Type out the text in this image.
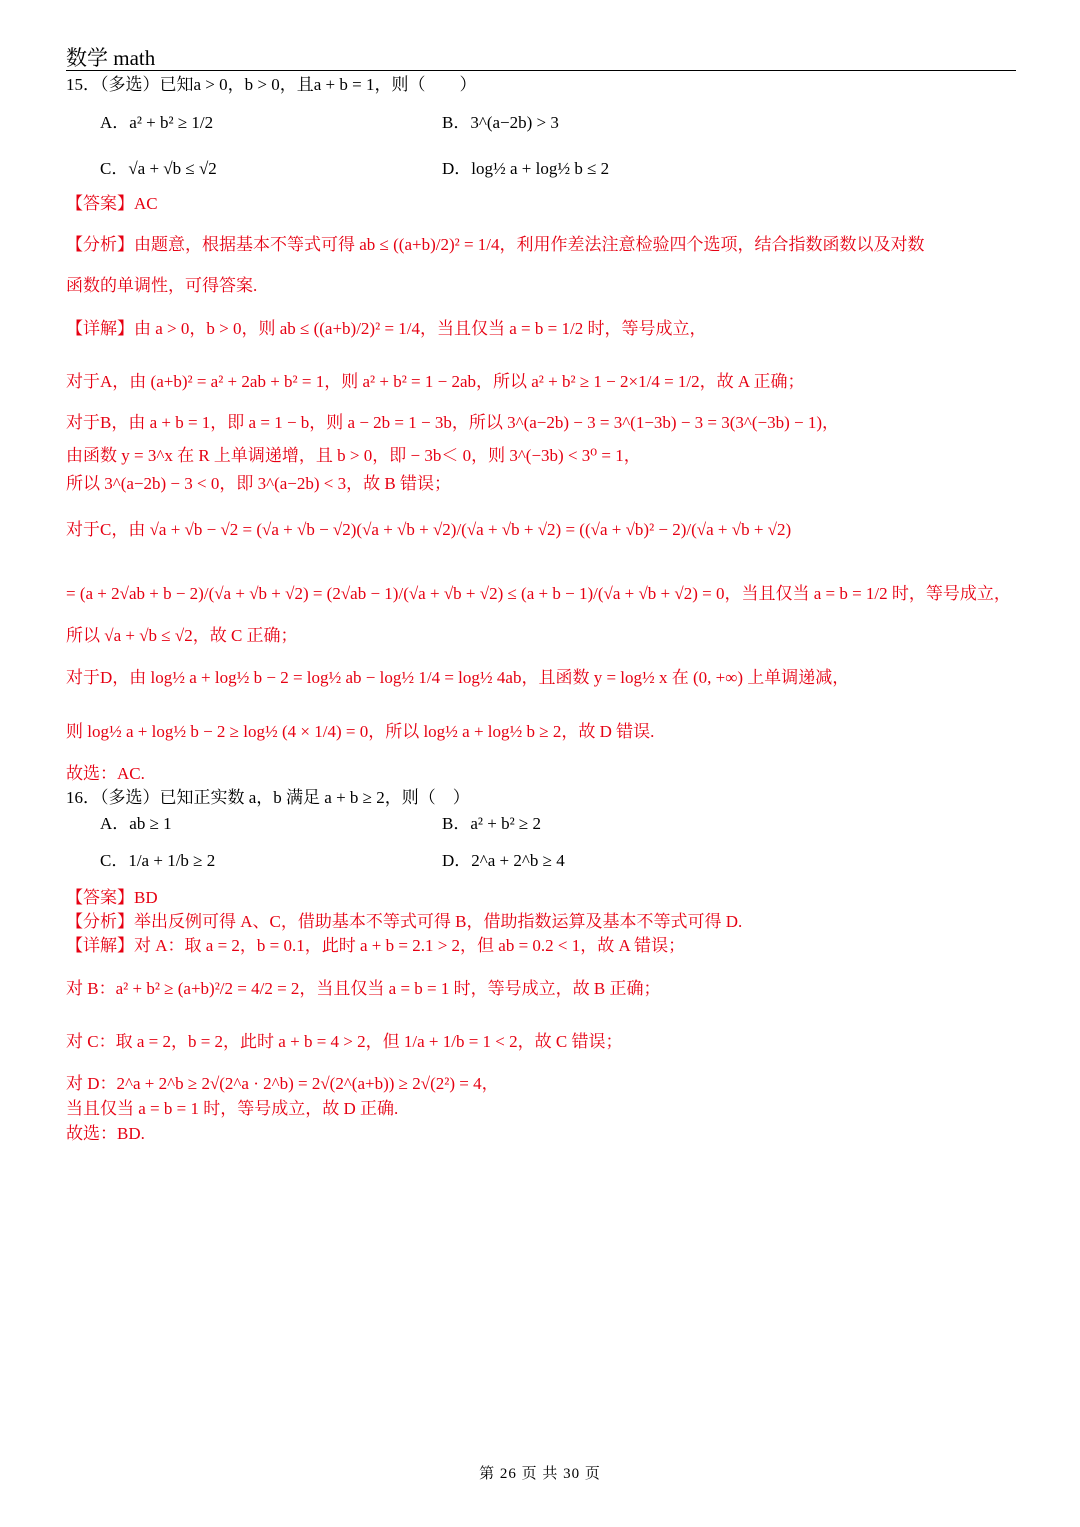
数学 math
15．（多选）已知a > 0，b > 0，且a + b = 1，则（　　）
A．a² + b² ≥ 1/2	B．3^(a−2b) > 3
C．√a + √b ≤ √2	D．log½ a + log½ b ≤ 2
【答案】AC
【分析】由题意，根据基本不等式可得 ab ≤ ((a+b)/2)² = 1/4，利用作差法注意检验四个选项，结合指数函数以及对数
函数的单调性，可得答案.
【详解】由 a > 0，b > 0，则 ab ≤ ((a+b)/2)² = 1/4，当且仅当 a = b = 1/2 时，等号成立，
对于A，由 (a+b)² = a² + 2ab + b² = 1，则 a² + b² = 1 − 2ab，所以 a² + b² ≥ 1 − 2×1/4 = 1/2，故 A 正确；
对于B，由 a + b = 1，即 a = 1 − b，则 a − 2b = 1 − 3b，所以 3^(a−2b) − 3 = 3^(1−3b) − 3 = 3(3^(−3b) − 1)，
由函数 y = 3^x 在 R 上单调递增，且 b > 0，即 − 3b＜ 0，则 3^(−3b) < 3⁰ = 1，
所以 3^(a−2b) − 3 < 0，即 3^(a−2b) < 3，故 B 错误；
对于C，由 √a + √b − √2 = (√a + √b − √2)(√a + √b + √2)/(√a + √b + √2) = ((√a + √b)² − 2)/(√a + √b + √2)
= (a + 2√ab + b − 2)/(√a + √b + √2) = (2√ab − 1)/(√a + √b + √2) ≤ (a + b − 1)/(√a + √b + √2) = 0，当且仅当 a = b = 1/2 时，等号成立，
所以 √a + √b ≤ √2，故 C 正确；
对于D，由 log½ a + log½ b − 2 = log½ ab − log½ 1/4 = log½ 4ab，且函数 y = log½ x 在 (0, +∞) 上单调递减，
则 log½ a + log½ b − 2 ≥ log½ (4 × 1/4) = 0，所以 log½ a + log½ b ≥ 2，故 D 错误.
故选：AC.
16．（多选）已知正实数 a，b 满足 a + b ≥ 2，则（　）
A．ab ≥ 1	B．a² + b² ≥ 2
C．1/a + 1/b ≥ 2	D．2^a + 2^b ≥ 4
【答案】BD
【分析】举出反例可得 A、C，借助基本不等式可得 B，借助指数运算及基本不等式可得 D.
【详解】对 A：取 a = 2，b = 0.1，此时 a + b = 2.1 > 2，但 ab = 0.2 < 1，故 A 错误；
对 B：a² + b² ≥ (a+b)²/2 = 4/2 = 2，当且仅当 a = b = 1 时，等号成立，故 B 正确；
对 C：取 a = 2，b = 2，此时 a + b = 4 > 2，但 1/a + 1/b = 1 < 2，故 C 错误；
对 D：2^a + 2^b ≥ 2√(2^a · 2^b) = 2√(2^(a+b)) ≥ 2√(2²) = 4，
当且仅当 a = b = 1 时，等号成立，故 D 正确.
故选：BD.
第 26 页 共 30 页
